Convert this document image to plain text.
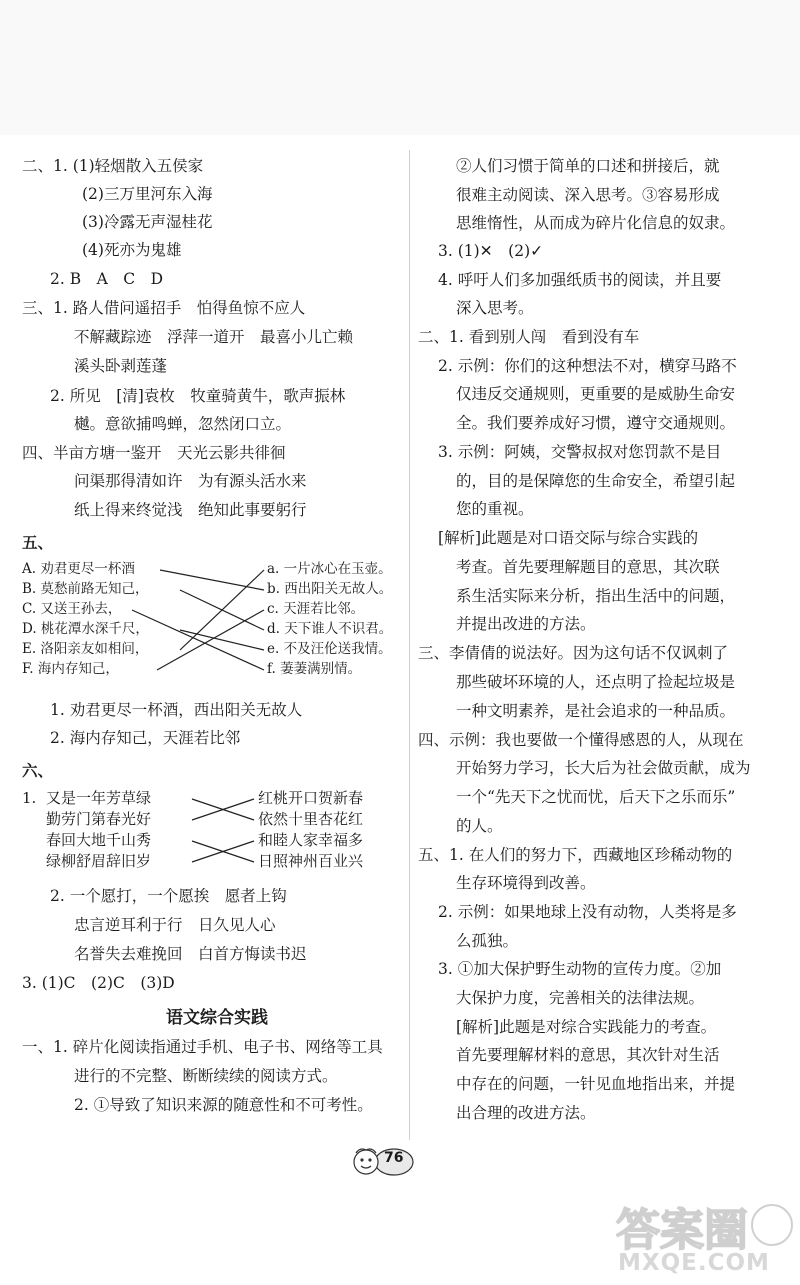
二、1. (1)轻烟散入五侯家
(2)三万里河东入海
(3)冷露无声湿桂花
(4)死亦为鬼雄
2. B　A　C　D
三、1. 路人借问遥招手　怕得鱼惊不应人
不解藏踪迹　浮萍一道开　最喜小儿亡赖
溪头卧剥莲蓬
2. 所见　[清]袁枚　牧童骑黄牛，歌声振林
樾。意欲捕鸣蝉，忽然闭口立。
四、半亩方塘一鉴开　天光云影共徘徊
问渠那得清如许　为有源头活水来
纸上得来终觉浅　绝知此事要躬行
五、
A. 劝君更尽一杯酒
B. 莫愁前路无知己，
C. 又送王孙去，
D. 桃花潭水深千尺，
E. 洛阳亲友如相问，
F. 海内存知己，
a. 一片冰心在玉壶。
b. 西出阳关无故人。
c. 天涯若比邻。
d. 天下谁人不识君。
e. 不及汪伦送我情。
f. 萋萋满别情。
1. 劝君更尽一杯酒，西出阳关无故人
2. 海内存知己，天涯若比邻
六、
1. 又是一年芳草绿
勤劳门第春光好
春回大地千山秀
绿柳舒眉辞旧岁
红桃开口贺新春
依然十里杏花红
和睦人家幸福多
日照神州百业兴
2. 一个愿打，一个愿挨　愿者上钩
忠言逆耳利于行　日久见人心
名誉失去难挽回　白首方悔读书迟
3. (1)C　(2)C　(3)D
语文综合实践
一、1. 碎片化阅读指通过手机、电子书、网络等工具
进行的不完整、断断续续的阅读方式。
2. ①导致了知识来源的随意性和不可考性。
②人们习惯于简单的口述和拼接后，就
很难主动阅读、深入思考。③容易形成
思维惰性，从而成为碎片化信息的奴隶。
3. (1)✕　(2)✓
4. 呼吁人们多加强纸质书的阅读，并且要
深入思考。
二、1. 看到别人闯　看到没有车
2. 示例：你们的这种想法不对，横穿马路不
仅违反交通规则，更重要的是威胁生命安
全。我们要养成好习惯，遵守交通规则。
3. 示例：阿姨，交警叔叔对您罚款不是目
的，目的是保障您的生命安全，希望引起
您的重视。
[解析]此题是对口语交际与综合实践的
考查。首先要理解题目的意思，其次联
系生活实际来分析，指出生活中的问题，
并提出改进的方法。
三、李倩倩的说法好。因为这句话不仅讽刺了
那些破坏环境的人，还点明了捡起垃圾是
一种文明素养，是社会追求的一种品质。
四、示例：我也要做一个懂得感恩的人，从现在
开始努力学习，长大后为社会做贡献，成为
一个“先天下之忧而忧，后天下之乐而乐”
的人。
五、1. 在人们的努力下，西藏地区珍稀动物的
生存环境得到改善。
2. 示例：如果地球上没有动物，人类将是多
么孤独。
3. ①加大保护野生动物的宣传力度。②加
大保护力度，完善相关的法律法规。
[解析]此题是对综合实践能力的考查。
首先要理解材料的意思，其次针对生活
中存在的问题，一针见血地指出来，并提
出合理的改进方法。
76
答案圈
MXQE.COM
